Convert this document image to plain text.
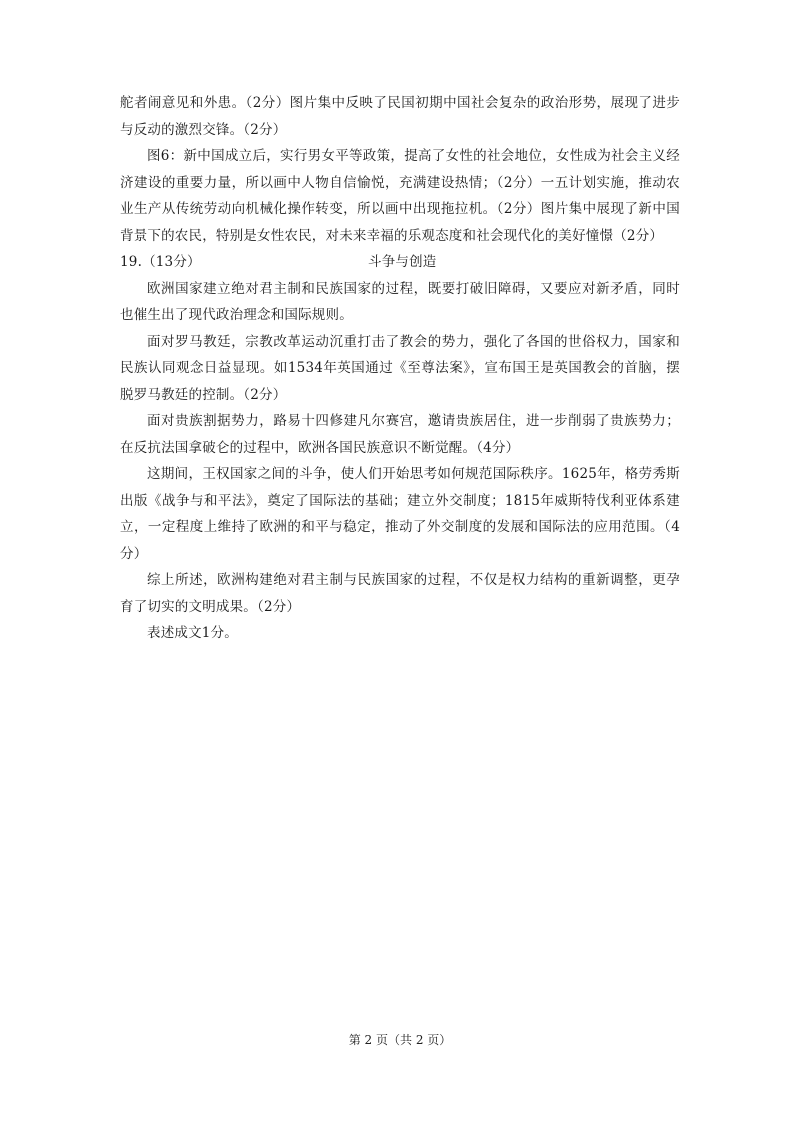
舵者闹意见和外患。（2分）图片集中反映了民国初期中国社会复杂的政治形势，展现了进步与反动的激烈交锋。（2分）

图6：新中国成立后，实行男女平等政策，提高了女性的社会地位，女性成为社会主义经济建设的重要力量，所以画中人物自信愉悦，充满建设热情；（2分）一五计划实施，推动农业生产从传统劳动向机械化操作转变，所以画中出现拖拉机。（2分）图片集中展现了新中国背景下的农民，特别是女性农民，对未来幸福的乐观态度和社会现代化的美好憧憬（2分）

19.（13分）	斗争与创造

欧洲国家建立绝对君主制和民族国家的过程，既要打破旧障碍，又要应对新矛盾，同时也催生出了现代政治理念和国际规则。

面对罗马教廷，宗教改革运动沉重打击了教会的势力，强化了各国的世俗权力，国家和民族认同观念日益显现。如1534年英国通过《至尊法案》，宣布国王是英国教会的首脑，摆脱罗马教廷的控制。（2分）

面对贵族割据势力，路易十四修建凡尔赛宫，邀请贵族居住，进一步削弱了贵族势力；在反抗法国拿破仑的过程中，欧洲各国民族意识不断觉醒。（4分）

这期间，王权国家之间的斗争，使人们开始思考如何规范国际秩序。1625年，格劳秀斯出版《战争与和平法》，奠定了国际法的基础；建立外交制度；1815年威斯特伐利亚体系建立，一定程度上维持了欧洲的和平与稳定，推动了外交制度的发展和国际法的应用范围。（4分）

综上所述，欧洲构建绝对君主制与民族国家的过程，不仅是权力结构的重新调整，更孕育了切实的文明成果。（2分）

表述成文1分。

第 2 页（共 2 页）
